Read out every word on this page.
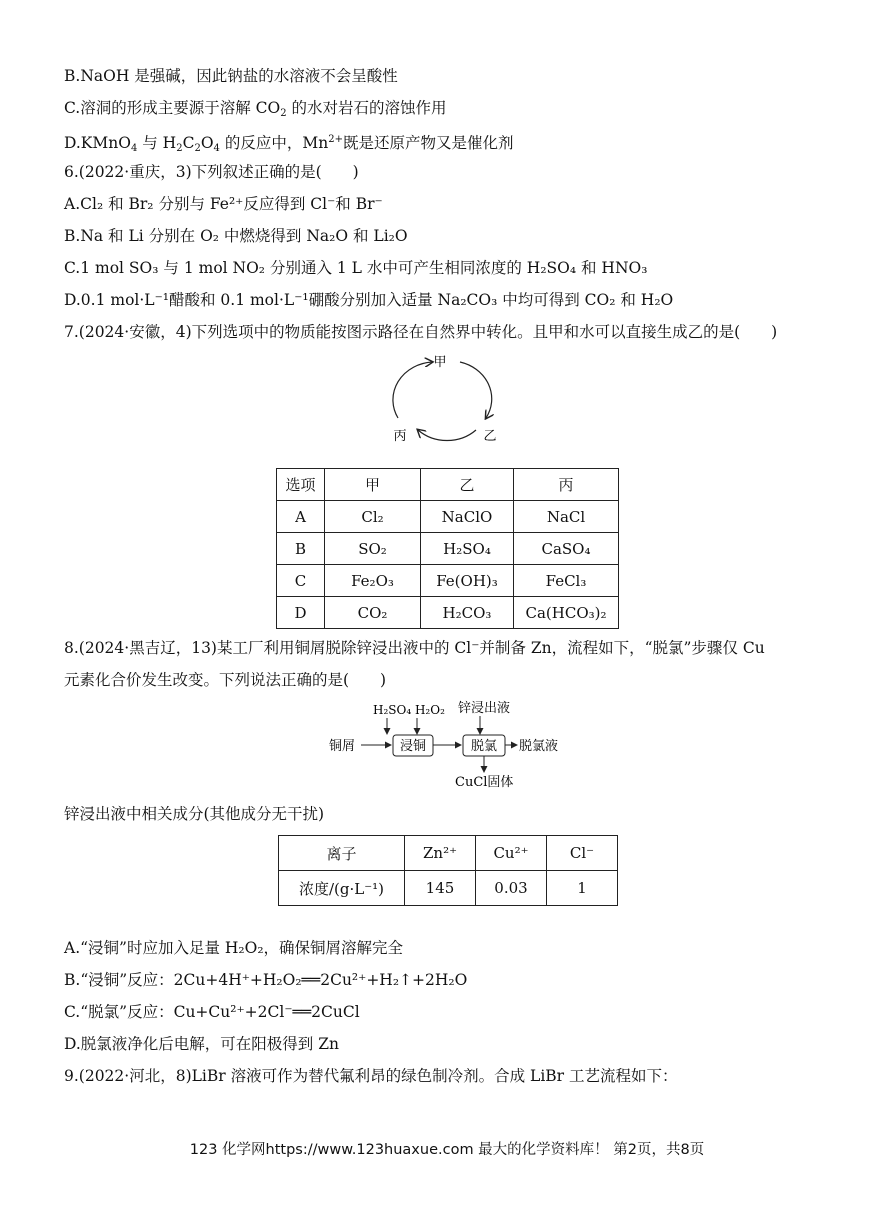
B.NaOH 是强碱，因此钠盐的水溶液不会呈酸性
C.溶洞的形成主要源于溶解 $CO_2$ 的水对岩石的溶蚀作用
D.KMnO$_4$ 与 $H_2C_2O_4$ 的反应中，$Mn^{2+}$既是还原产物又是催化剂
6.(2022·重庆，3)下列叙述正确的是(　　)
A.Cl₂ 和 Br₂ 分别与 Fe²⁺反应得到 Cl⁻和 Br⁻
B.Na 和 Li 分别在 O₂ 中燃烧得到 Na₂O 和 Li₂O
C.1 mol SO₃ 与 1 mol NO₂ 分别通入 1 L 水中可产生相同浓度的 H₂SO₄ 和 HNO₃
D.0.1 mol·L⁻¹醋酸和 0.1 mol·L⁻¹硼酸分别加入适量 Na₂CO₃ 中均可得到 CO₂ 和 H₂O
7.(2024·安徽，4)下列选项中的物质能按图示路径在自然界中转化。且甲和水可以直接生成乙的是(　　)
甲
乙
丙
选项	甲	乙	丙
A	Cl₂	NaClO	NaCl
B	SO₂	H₂SO₄	CaSO₄
C	Fe₂O₃	Fe(OH)₃	FeCl₃
D	CO₂	H₂CO₃	Ca(HCO₃)₂
8.(2024·黑吉辽，13)某工厂利用铜屑脱除锌浸出液中的 Cl⁻并制备 Zn，流程如下，“脱氯”步骤仅 Cu
元素化合价发生改变。下列说法正确的是(　　)
H₂SO₄ H₂O₂ 锌浸出液
铜屑	浸铜	脱氯 脱氯液
CuCl固体
锌浸出液中相关成分(其他成分无干扰)
离子	Zn²⁺	Cu²⁺	Cl⁻
浓度/(g·L⁻¹)	145	0.03	1
A.“浸铜”时应加入足量 H₂O₂，确保铜屑溶解完全
B.“浸铜”反应：2Cu+4H⁺+H₂O₂══2Cu²⁺+H₂↑+2H₂O
C.“脱氯”反应：Cu+Cu²⁺+2Cl⁻══2CuCl
D.脱氯液净化后电解，可在阳极得到 Zn
9.(2022·河北，8)LiBr 溶液可作为替代氟利昂的绿色制冷剂。合成 LiBr 工艺流程如下：
123 化学网https://www.123huaxue.com 最大的化学资料库！ 第2页，共8页
